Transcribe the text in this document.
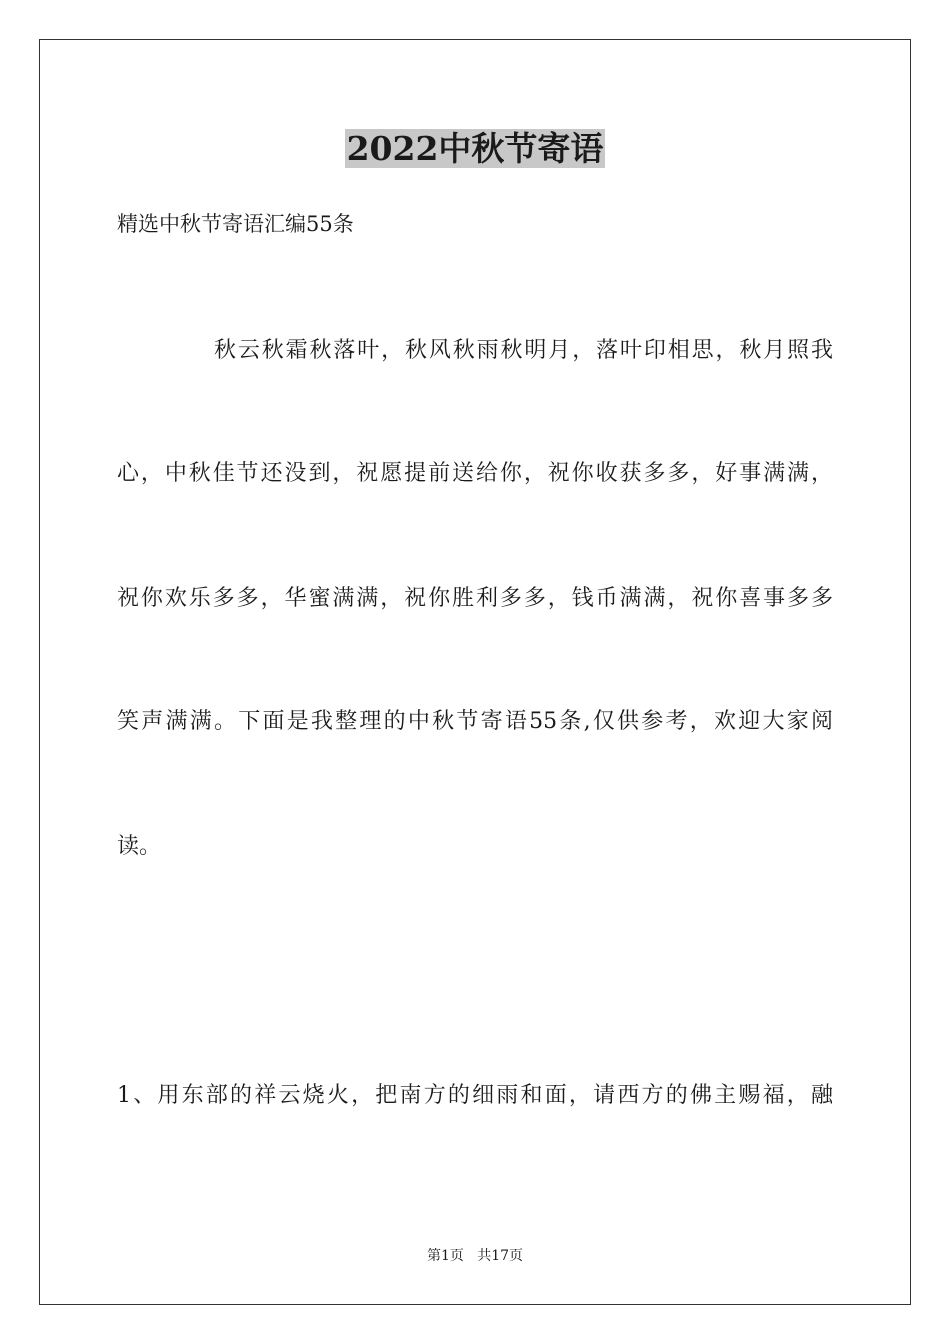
2022中秋节寄语
精选中秋节寄语汇编55条
秋云秋霜秋落叶，秋风秋雨秋明月，落叶印相思，秋月照我
心，中秋佳节还没到，祝愿提前送给你，祝你收获多多，好事满满，
祝你欢乐多多，华蜜满满，祝你胜利多多，钱币满满，祝你喜事多多
笑声满满。下面是我整理的中秋节寄语55条,仅供参考，欢迎大家阅
读。
1、用东部的祥云烧火，把南方的细雨和面，请西方的佛主赐福，融
第1页   共17页
